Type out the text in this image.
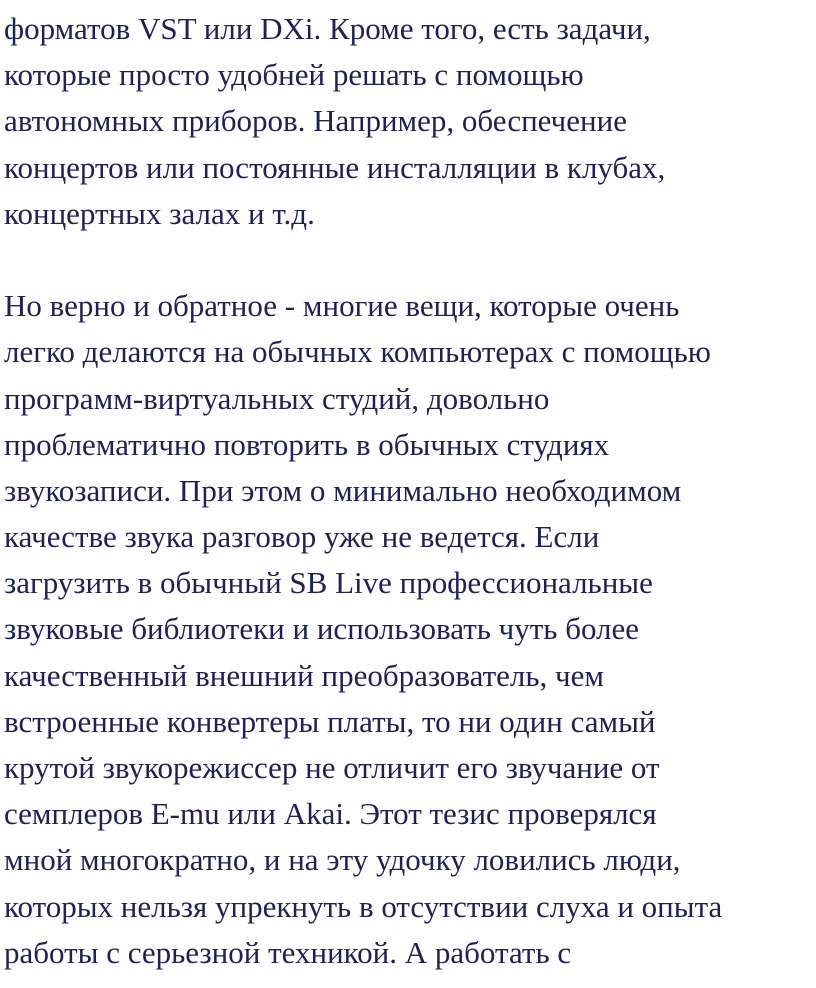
форматов VST или DXi. Кроме того, есть задачи,
которые просто удобней решать с помощью
автономных приборов. Например, обеспечение
концертов или постоянные инсталляции в клубах,
концертных залах и т.д.
Но верно и обратное - многие вещи, которые очень
легко делаются на обычных компьютерах с помощью
программ-виртуальных студий, довольно
проблематично повторить в обычных студиях
звукозаписи. При этом о минимально необходимом
качестве звука разговор уже не ведется. Если
загрузить в обычный SB Live профессиональные
звуковые библиотеки и использовать чуть более
качественный внешний преобразователь, чем
встроенные конвертеры платы, то ни один самый
крутой звукорежиссер не отличит его звучание от
семплеров E-mu или Akai. Этот тезис проверялся
мной многократно, и на эту удочку ловились люди,
которых нельзя упрекнуть в отсутствии слуха и опыта
работы с серьезной техникой. А работать с
